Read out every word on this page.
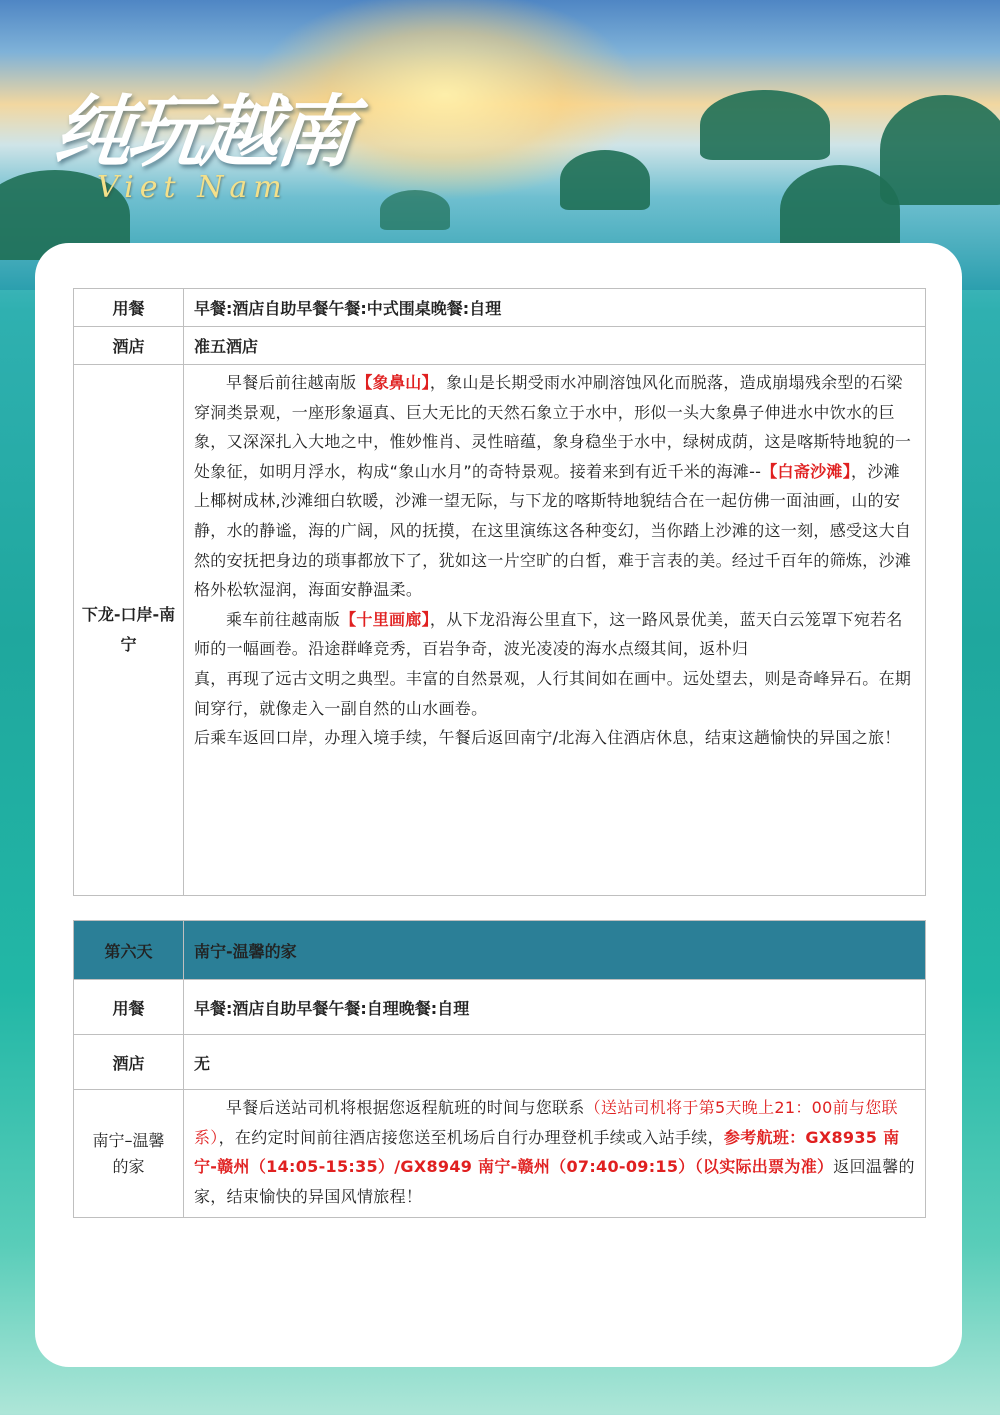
纯玩越南
Viet Nam
用餐	早餐:酒店自助早餐午餐:中式围桌晚餐:自理
酒店	准五酒店
下龙-口岸-南宁	早餐后前往越南版【象鼻山】，象山是长期受雨水冲刷溶蚀风化而脱落，造成崩塌残余型的石梁穿洞类景观，一座形象逼真、巨大无比的天然石象立于水中，形似一头大象鼻子伸进水中饮水的巨象，又深深扎入大地之中，惟妙惟肖、灵性暗蕴，象身稳坐于水中，绿树成荫，这是喀斯特地貌的一处象征，如明月浮水，构成“象山水月”的奇特景观。接着来到有近千米的海滩--【白斋沙滩】，沙滩上椰树成林,沙滩细白软暖，沙滩一望无际，与下龙的喀斯特地貌结合在一起仿佛一面油画，山的安静，水的静谧，海的广阔，风的抚摸，在这里演练这各种变幻，当你踏上沙滩的这一刻，感受这大自然的安抚把身边的琐事都放下了，犹如这一片空旷的白皙，难于言表的美。经过千百年的筛炼，沙滩格外松软湿润，海面安静温柔。

乘车前往越南版【十里画廊】，从下龙沿海公里直下，这一路风景优美，蓝天白云笼罩下宛若名师的一幅画卷。沿途群峰竞秀，百岩争奇，波光凌凌的海水点缀其间，返朴归

真，再现了远古文明之典型。丰富的自然景观，人行其间如在画中。远处望去，则是奇峰异石。在期间穿行，就像走入一副自然的山水画卷。

后乘车返回口岸，办理入境手续，午餐后返回南宁/北海入住酒店休息，结束这趟愉快的异国之旅！

第六天	南宁-温馨的家
用餐	早餐:酒店自助早餐午餐:自理晚餐:自理
酒店	无
南宁–温馨的家	早餐后送站司机将根据您返程航班的时间与您联系（送站司机将于第5天晚上21：00前与您联系），在约定时间前往酒店接您送至机场后自行办理登机手续或入站手续，参考航班：GX8935 南宁-赣州（14:05-15:35）/GX8949 南宁-赣州（07:40-09:15）（以实际出票为准）返回温馨的家，结束愉快的异国风情旅程！
